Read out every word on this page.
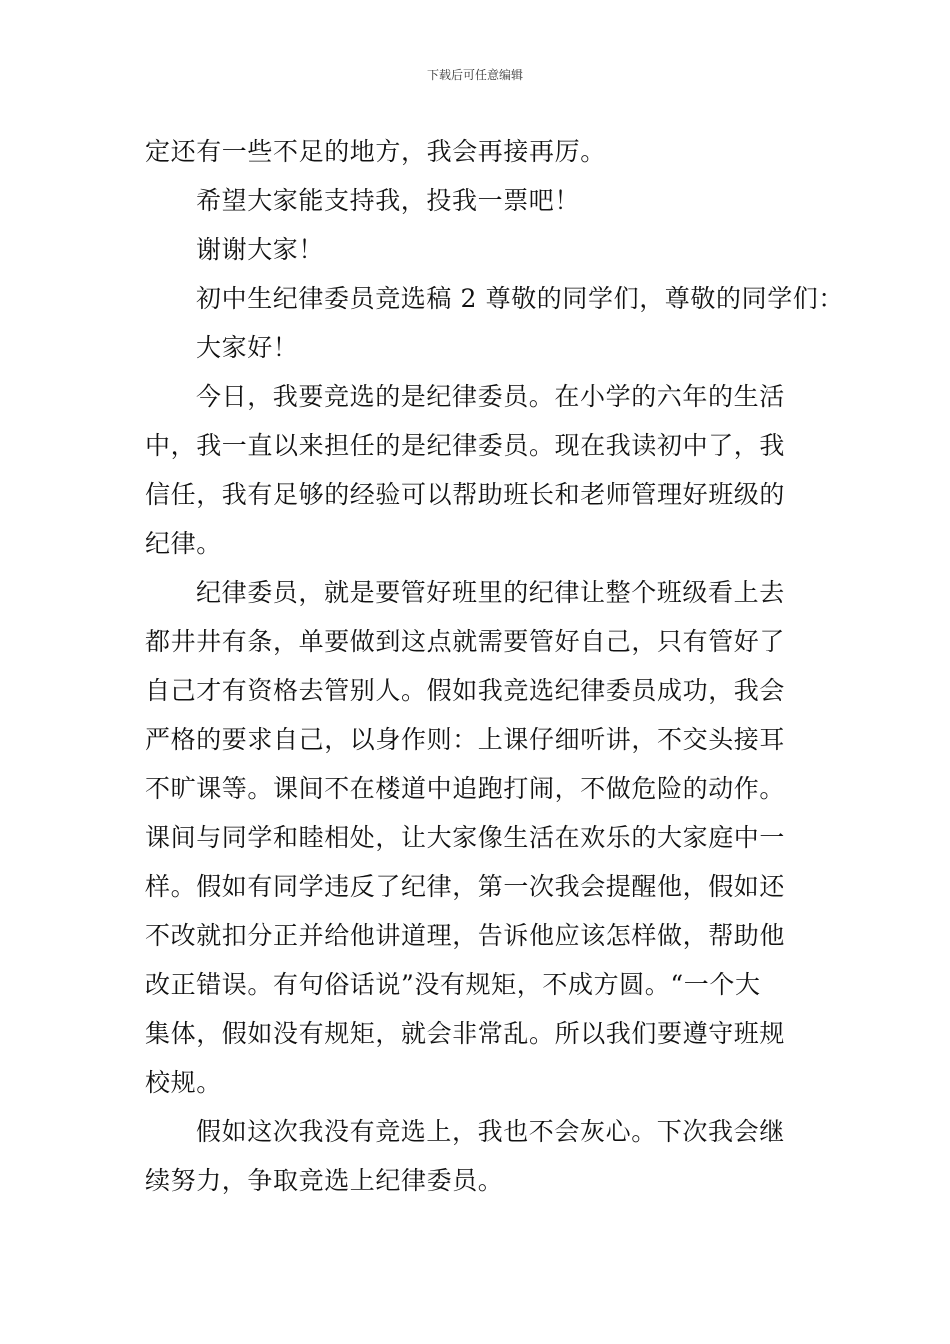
下载后可任意编辑
定还有一些不足的地方，我会再接再厉。
希望大家能支持我，投我一票吧！
谢谢大家！
初中生纪律委员竞选稿 2 尊敬的同学们，尊敬的同学们：
大家好！
今日，我要竞选的是纪律委员。在小学的六年的生活
中，我一直以来担任的是纪律委员。现在我读初中了，我
信任，我有足够的经验可以帮助班长和老师管理好班级的
纪律。
纪律委员，就是要管好班里的纪律让整个班级看上去
都井井有条，单要做到这点就需要管好自己，只有管好了
自己才有资格去管别人。假如我竞选纪律委员成功，我会
严格的要求自己，以身作则：上课仔细听讲，不交头接耳
不旷课等。课间不在楼道中追跑打闹，不做危险的动作。
课间与同学和睦相处，让大家像生活在欢乐的大家庭中一
样。假如有同学违反了纪律，第一次我会提醒他，假如还
不改就扣分正并给他讲道理，告诉他应该怎样做，帮助他
改正错误。有句俗话说”没有规矩，不成方圆。“一个大
集体，假如没有规矩，就会非常乱。所以我们要遵守班规
校规。
假如这次我没有竞选上，我也不会灰心。下次我会继
续努力，争取竞选上纪律委员。
